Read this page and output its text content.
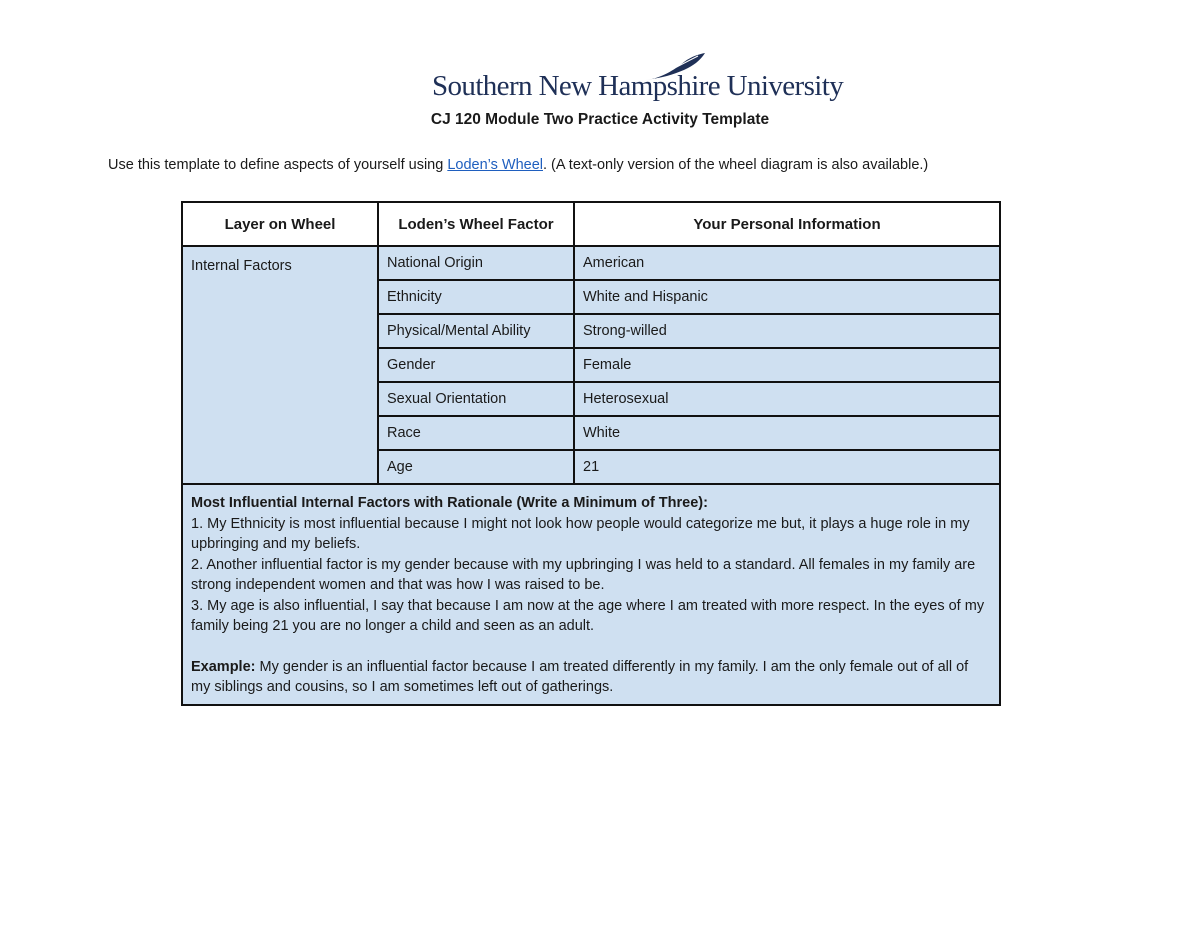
Southern New Hampshire University
CJ 120 Module Two Practice Activity Template
Use this template to define aspects of yourself using Loden’s Wheel. (A text-only version of the wheel diagram is also available.)
Layer on Wheel	Loden’s Wheel Factor	Your Personal Information
Internal Factors	National Origin	American
	Ethnicity	White and Hispanic
	Physical/Mental Ability	Strong-willed
	Gender	Female
	Sexual Orientation	Heterosexual
	Race	White
	Age	21

Most Influential Internal Factors with Rationale (Write a Minimum of Three):
1. My Ethnicity is most influential because I might not look how people would categorize me but, it plays a huge role in my upbringing and my beliefs.
2. Another influential factor is my gender because with my upbringing I was held to a standard. All females in my family are strong independent women and that was how I was raised to be.
3. My age is also influential, I say that because I am now at the age where I am treated with more respect. In the eyes of my family being 21 you are no longer a child and seen as an adult.
Example: My gender is an influential factor because I am treated differently in my family. I am the only female out of all of my siblings and cousins, so I am sometimes left out of gatherings.		
